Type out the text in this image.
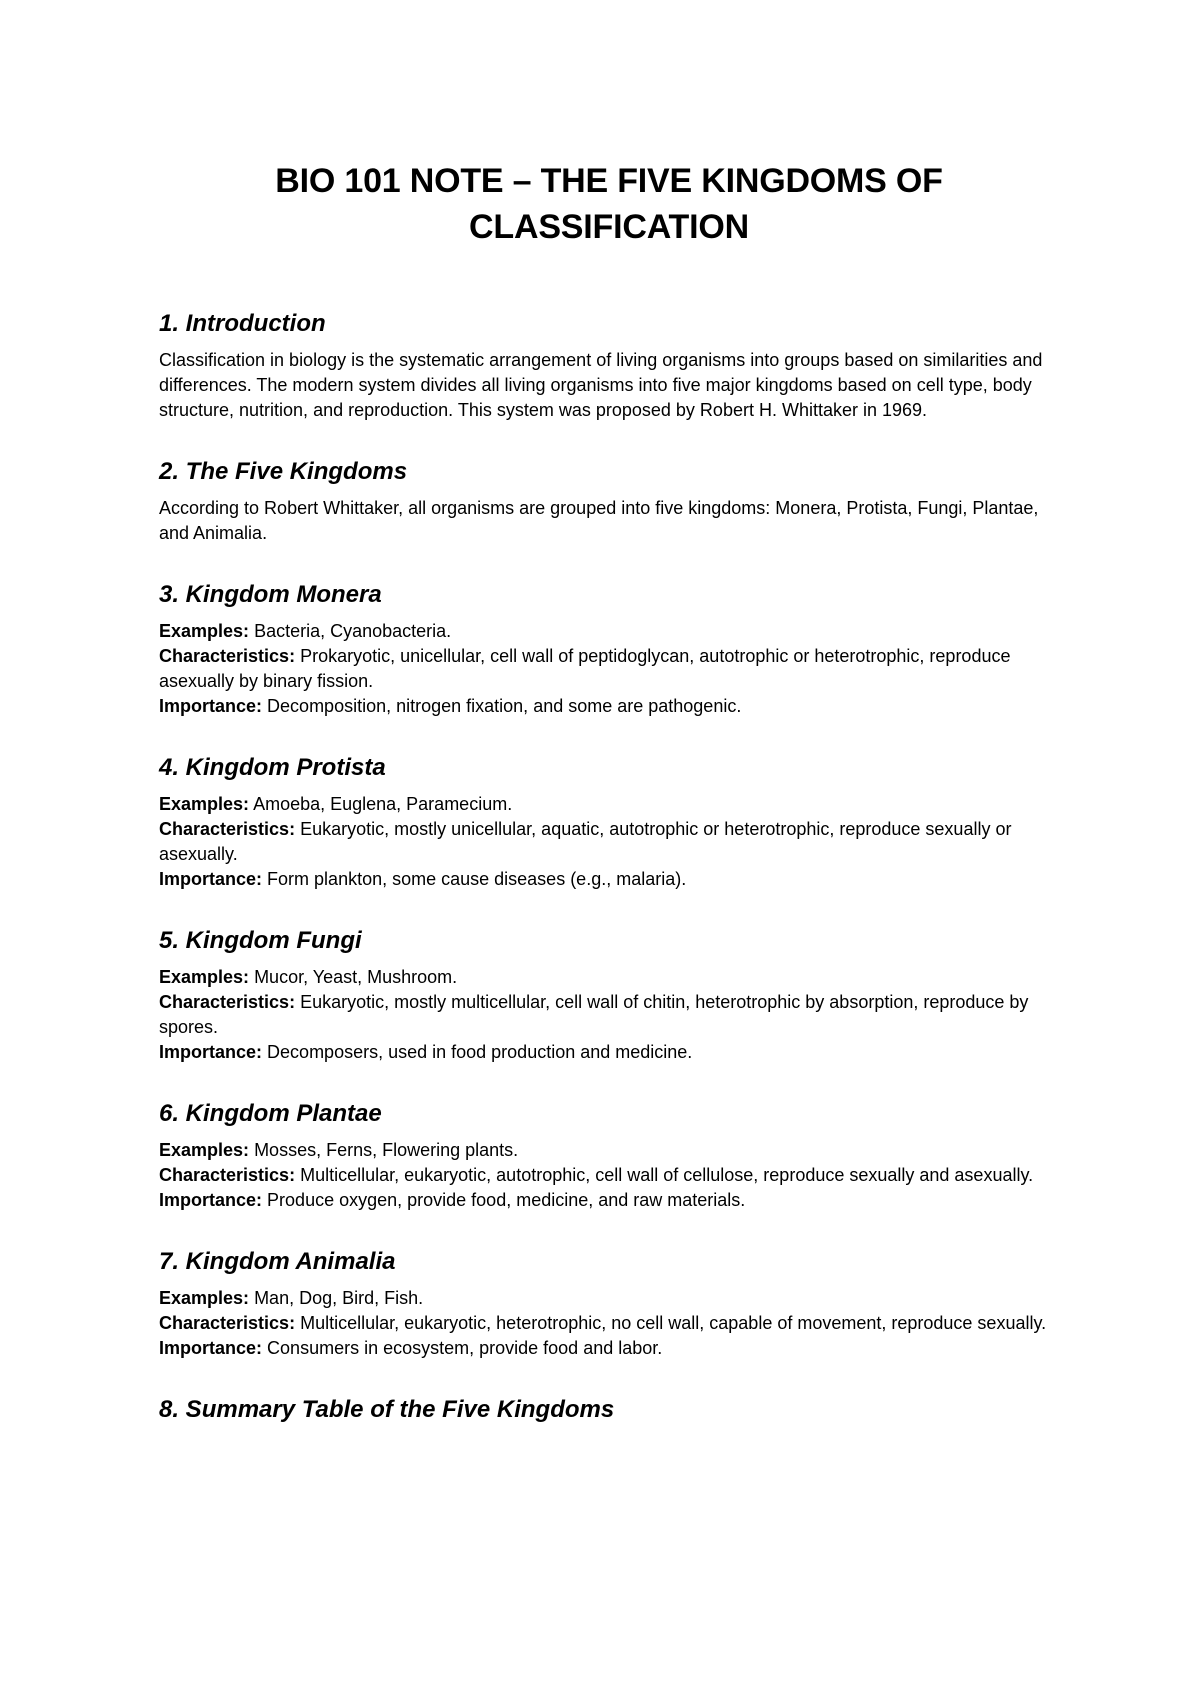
BIO 101 NOTE – THE FIVE KINGDOMS OF CLASSIFICATION
1. Introduction

Classification in biology is the systematic arrangement of living organisms into groups based on similarities and differences. The modern system divides all living organisms into five major kingdoms based on cell type, body structure, nutrition, and reproduction. This system was proposed by Robert H. Whittaker in 1969.

2. The Five Kingdoms

According to Robert Whittaker, all organisms are grouped into five kingdoms: Monera, Protista, Fungi, Plantae, and Animalia.

3. Kingdom Monera

Examples: Bacteria, Cyanobacteria.

Characteristics: Prokaryotic, unicellular, cell wall of peptidoglycan, autotrophic or heterotrophic, reproduce asexually by binary fission.

Importance: Decomposition, nitrogen fixation, and some are pathogenic.

4. Kingdom Protista

Examples: Amoeba, Euglena, Paramecium.

Characteristics: Eukaryotic, mostly unicellular, aquatic, autotrophic or heterotrophic, reproduce sexually or asexually.

Importance: Form plankton, some cause diseases (e.g., malaria).

5. Kingdom Fungi

Examples: Mucor, Yeast, Mushroom.

Characteristics: Eukaryotic, mostly multicellular, cell wall of chitin, heterotrophic by absorption, reproduce by spores.

Importance: Decomposers, used in food production and medicine.

6. Kingdom Plantae

Examples: Mosses, Ferns, Flowering plants.

Characteristics: Multicellular, eukaryotic, autotrophic, cell wall of cellulose, reproduce sexually and asexually.

Importance: Produce oxygen, provide food, medicine, and raw materials.

7. Kingdom Animalia

Examples: Man, Dog, Bird, Fish.

Characteristics: Multicellular, eukaryotic, heterotrophic, no cell wall, capable of movement, reproduce sexually.

Importance: Consumers in ecosystem, provide food and labor.

8. Summary Table of the Five Kingdoms
